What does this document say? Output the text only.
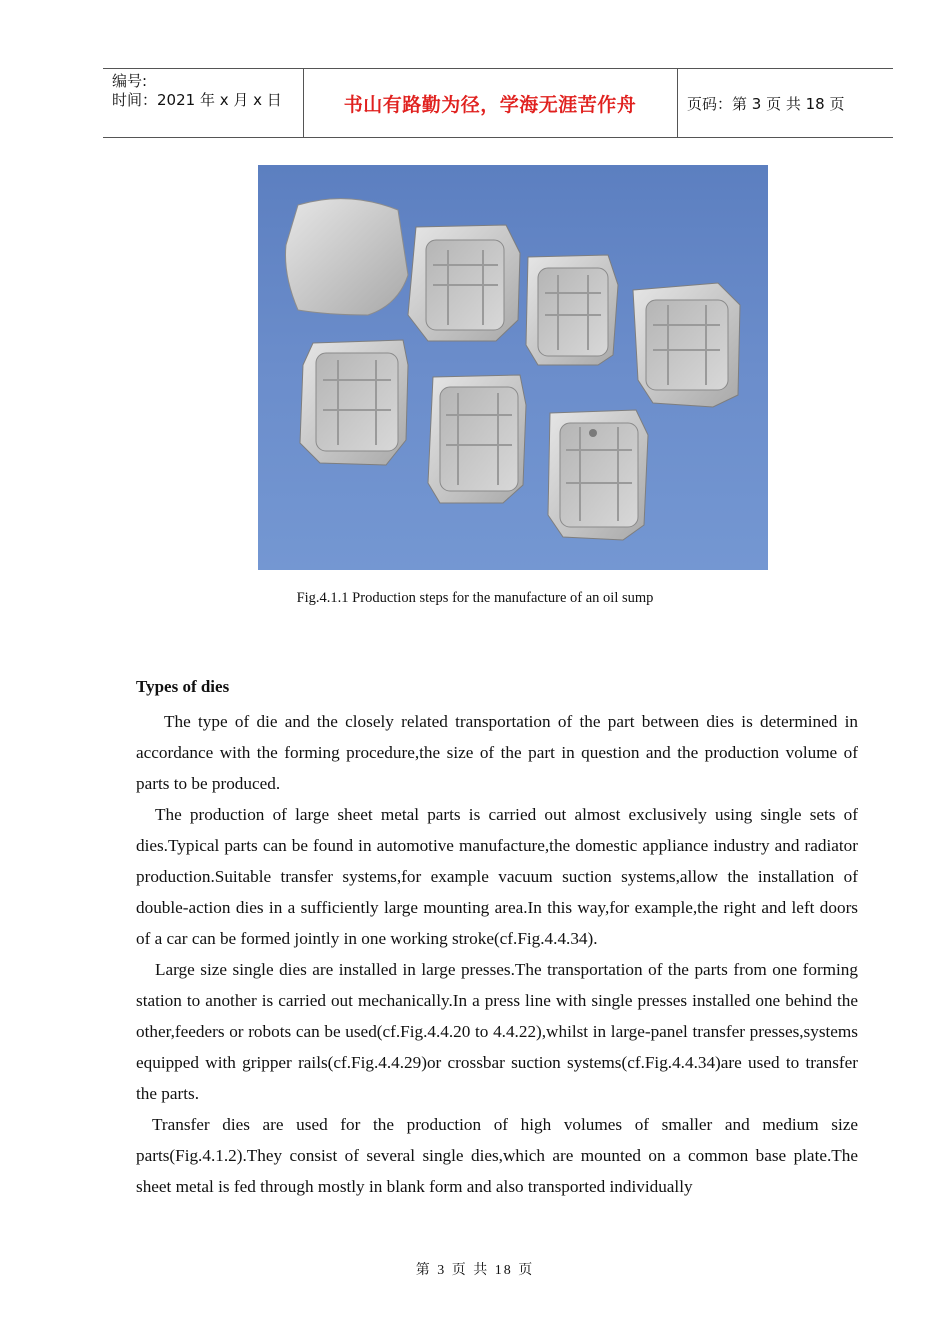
编号:
时间：2021 年 x 月 x 日	书山有路勤为径，学海无涯苦作舟	页码：第 3 页 共 18 页
Fig.4.1.1 Production steps for the manufacture of an oil sump
Types of dies

The type of die and the closely related transportation of the part between dies is determined in accordance with the forming procedure,the size of the part in question and the production volume of parts to be produced.

The production of large sheet metal parts is carried out almost exclusively using single sets of dies.Typical parts can be found in automotive manufacture,the domestic appliance industry and radiator production.Suitable transfer systems,for example vacuum suction systems,allow the installation of double-action dies in a sufficiently large mounting area.In this way,for example,the right and left doors of a car can be formed jointly in one working stroke(cf.Fig.4.4.34).

Large size single dies are installed in large presses.The transportation of the parts from one forming station to another is carried out mechanically.In a press line with single presses installed one behind the other,feeders or robots can be used(cf.Fig.4.4.20 to 4.4.22),whilst in large-panel transfer presses,systems equipped with gripper rails(cf.Fig.4.4.29)or crossbar suction systems(cf.Fig.4.4.34)are used to transfer the parts.

Transfer dies are used for the production of high volumes of smaller and medium size parts(Fig.4.1.2).They consist of several single dies,which are mounted on a common base plate.The sheet metal is fed through mostly in blank form and also transported individually

第 3 页 共 18 页
